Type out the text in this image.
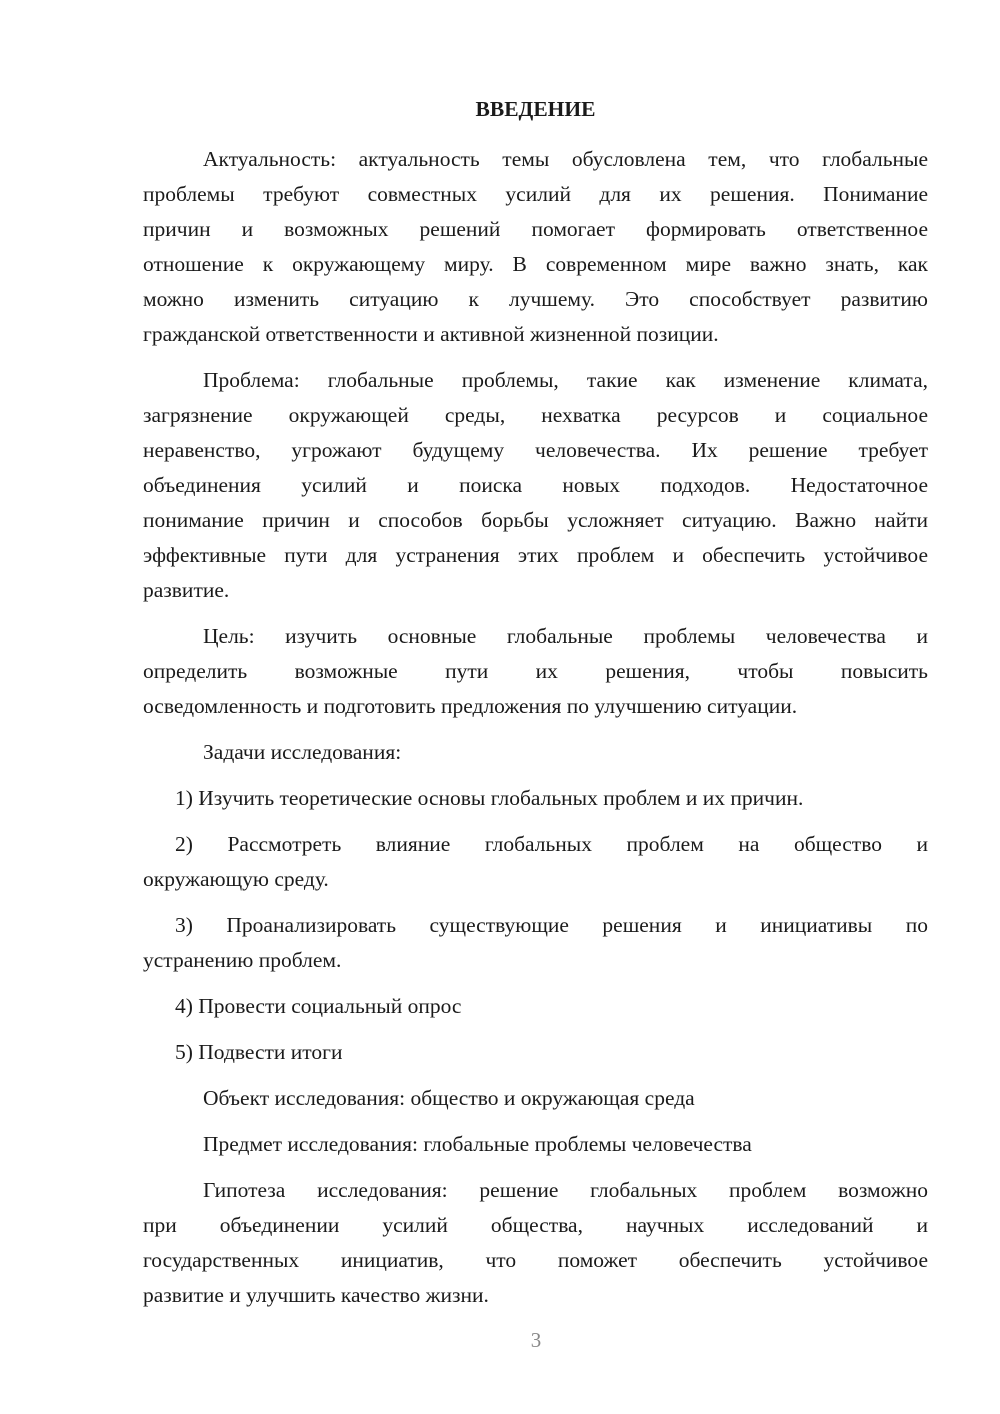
ВВЕДЕНИЕ
Актуальность: актуальность темы обусловлена тем, что глобальные
проблемы требуют совместных усилий для их решения. Понимание
причин и возможных решений помогает формировать ответственное
отношение к окружающему миру. В современном мире важно знать, как
можно изменить ситуацию к лучшему. Это способствует развитию
гражданской ответственности и активной жизненной позиции.
Проблема: глобальные проблемы, такие как изменение климата,
загрязнение окружающей среды, нехватка ресурсов и социальное
неравенство, угрожают будущему человечества. Их решение требует
объединения усилий и поиска новых подходов. Недостаточное
понимание причин и способов борьбы усложняет ситуацию. Важно найти
эффективные пути для устранения этих проблем и обеспечить устойчивое
развитие.
Цель: изучить основные глобальные проблемы человечества и
определить возможные пути их решения, чтобы повысить
осведомленность и подготовить предложения по улучшению ситуации.
Задачи исследования:
1) Изучить теоретические основы глобальных проблем и их причин.
2) Рассмотреть влияние глобальных проблем на общество и
окружающую среду.
3) Проанализировать существующие решения и инициативы по
устранению проблем.
4) Провести социальный опрос
5) Подвести итоги
Объект исследования: общество и окружающая среда
Предмет исследования: глобальные проблемы человечества
Гипотеза исследования: решение глобальных проблем возможно
при объединении усилий общества, научных исследований и
государственных инициатив, что поможет обеспечить устойчивое
развитие и улучшить качество жизни.
3
